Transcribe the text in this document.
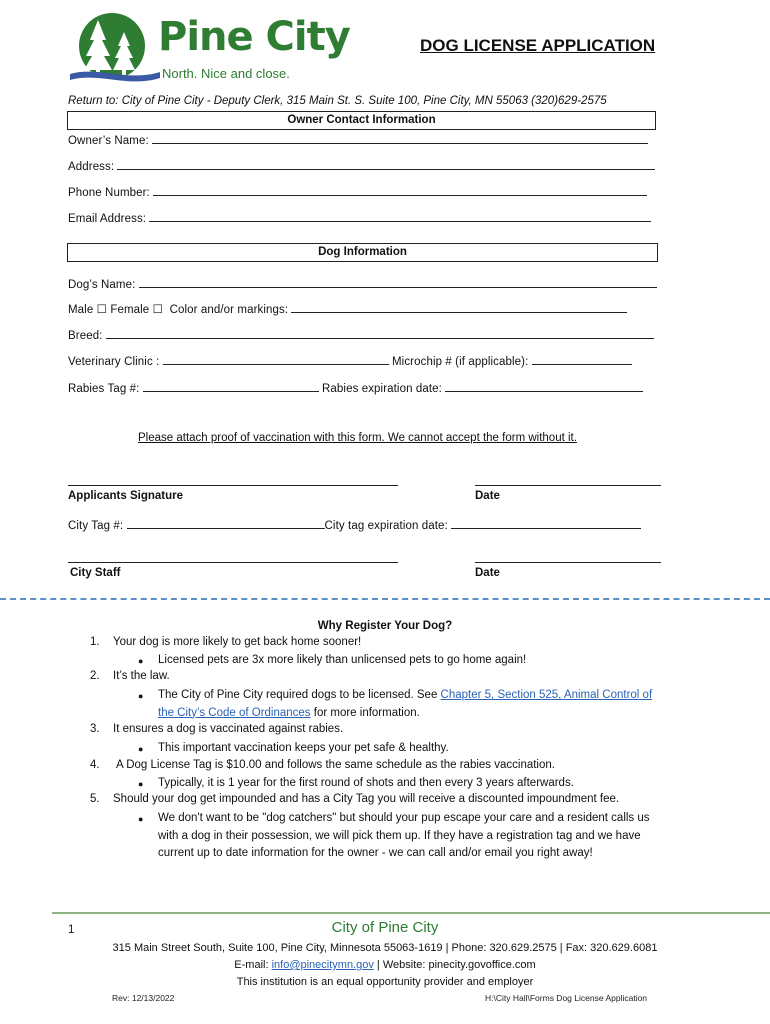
Pine City
North. Nice and close.
DOG LICENSE APPLICATION
Return to: City of Pine City - Deputy Clerk, 315 Main St. S. Suite 100, Pine City, MN 55063 (320)629-2575
Owner Contact Information
Owner’s Name:
Address:
Phone Number:
Email Address:
Dog Information
Dog’s Name:
Male ☐ Female ☐ Color and/or markings:
Breed:
Veterinary Clinic :	Microchip # (if applicable):
Rabies Tag #:	Rabies expiration date:
Please attach proof of vaccination with this form. We cannot accept the form without it.
Applicants Signature	Date
City Tag #:	City tag expiration date:
City Staff	Date
Why Register Your Dog?
1. Your dog is more likely to get back home sooner!
● Licensed pets are 3x more likely than unlicensed pets to go home again!
2. It’s the law.
● The City of Pine City required dogs to be licensed. See Chapter 5, Section 525, Animal Control of
the City’s Code of Ordinances for more information.
3. It ensures a dog is vaccinated against rabies.
● This important vaccination keeps your pet safe & healthy.
4. A Dog License Tag is $10.00 and follows the same schedule as the rabies vaccination.
● Typically, it is 1 year for the first round of shots and then every 3 years afterwards.
5. Should your dog get impounded and has a City Tag you will receive a discounted impoundment fee.
● We don't want to be "dog catchers" but should your pup escape your care and a resident calls us
with a dog in their possession, we will pick them up. If they have a registration tag and we have
current up to date information for the owner - we can call and/or email you right away!
1	City of Pine City
315 Main Street South, Suite 100, Pine City, Minnesota 55063-1619 | Phone: 320.629.2575 | Fax: 320.629.6081
E-mail: info@pinecitymn.gov | Website: pinecity.govoffice.com
This institution is an equal opportunity provider and employer
Rev: 12/13/2022	H:\City Hall\Forms Dog License Application
